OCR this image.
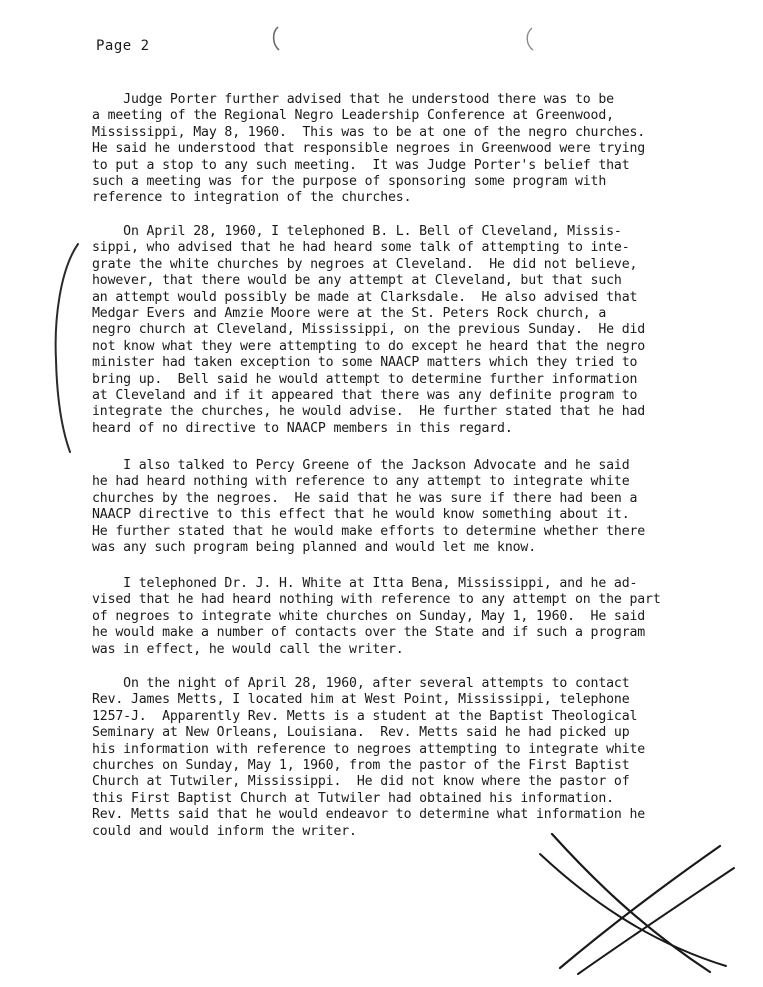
Page 2
Judge Porter further advised that he understood there was to be
a meeting of the Regional Negro Leadership Conference at Greenwood,
Mississippi, May 8, 1960.  This was to be at one of the negro churches.
He said he understood that responsible negroes in Greenwood were trying
to put a stop to any such meeting.  It was Judge Porter's belief that
such a meeting was for the purpose of sponsoring some program with
reference to integration of the churches.
On April 28, 1960, I telephoned B. L. Bell of Cleveland, Missis-
sippi, who advised that he had heard some talk of attempting to inte-
grate the white churches by negroes at Cleveland.  He did not believe,
however, that there would be any attempt at Cleveland, but that such
an attempt would possibly be made at Clarksdale.  He also advised that
Medgar Evers and Amzie Moore were at the St. Peters Rock church, a
negro church at Cleveland, Mississippi, on the previous Sunday.  He did
not know what they were attempting to do except he heard that the negro
minister had taken exception to some NAACP matters which they tried to
bring up.  Bell said he would attempt to determine further information
at Cleveland and if it appeared that there was any definite program to
integrate the churches, he would advise.  He further stated that he had
heard of no directive to NAACP members in this regard.
I also talked to Percy Greene of the Jackson Advocate and he said
he had heard nothing with reference to any attempt to integrate white
churches by the negroes.  He said that he was sure if there had been a
NAACP directive to this effect that he would know something about it.
He further stated that he would make efforts to determine whether there
was any such program being planned and would let me know.
I telephoned Dr. J. H. White at Itta Bena, Mississippi, and he ad-
vised that he had heard nothing with reference to any attempt on the part
of negroes to integrate white churches on Sunday, May 1, 1960.  He said
he would make a number of contacts over the State and if such a program
was in effect, he would call the writer.
On the night of April 28, 1960, after several attempts to contact
Rev. James Metts, I located him at West Point, Mississippi, telephone
1257-J.  Apparently Rev. Metts is a student at the Baptist Theological
Seminary at New Orleans, Louisiana.  Rev. Metts said he had picked up
his information with reference to negroes attempting to integrate white
churches on Sunday, May 1, 1960, from the pastor of the First Baptist
Church at Tutwiler, Mississippi.  He did not know where the pastor of
this First Baptist Church at Tutwiler had obtained his information.
Rev. Metts said that he would endeavor to determine what information he
could and would inform the writer.
